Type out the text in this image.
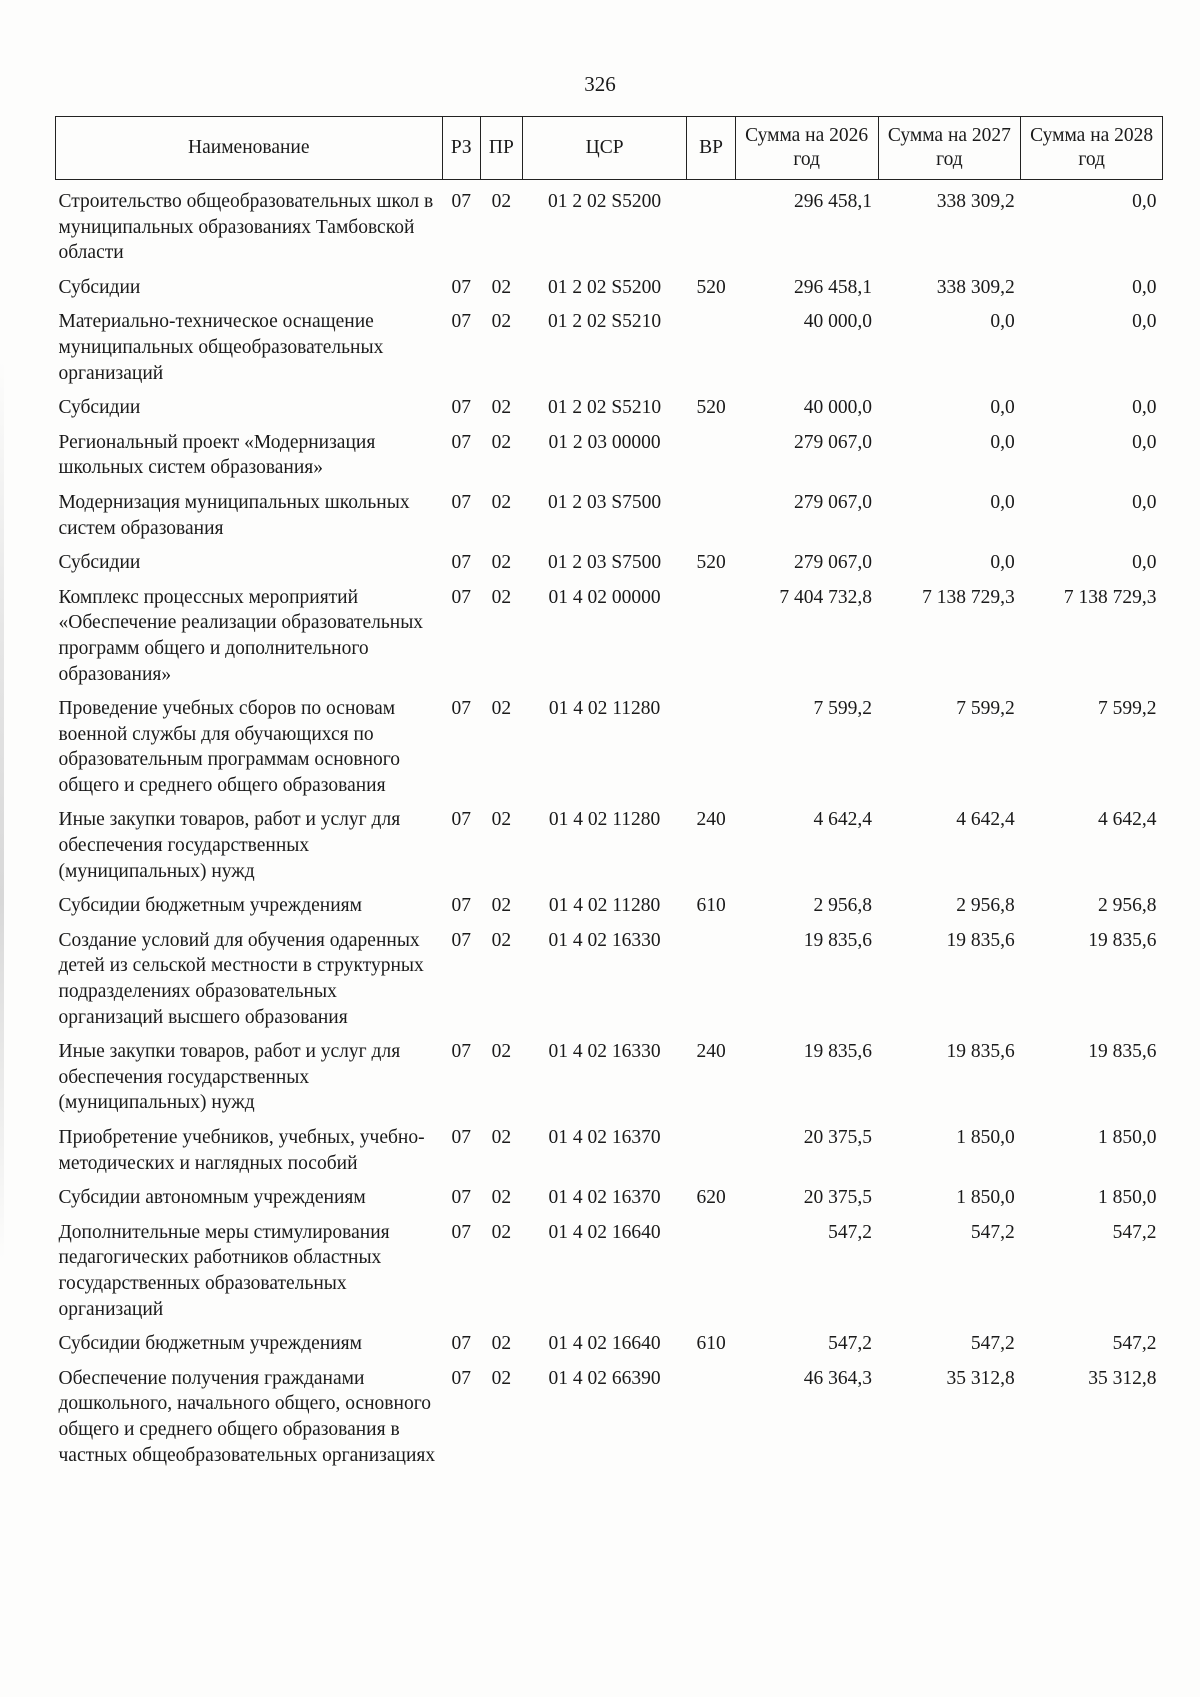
326
Наименование	РЗ	ПР	ЦСР	ВР	Сумма на 2026 год	Сумма на 2027 год	Сумма на 2028 год
Строительство общеобразовательных школ в муниципальных образованиях Тамбовской области	07	02	01 2 02 S5200		296 458,1	338 309,2	0,0
Субсидии	07	02	01 2 02 S5200	520	296 458,1	338 309,2	0,0
Материально-техническое оснащение муниципальных общеобразовательных организаций	07	02	01 2 02 S5210		40 000,0	0,0	0,0
Субсидии	07	02	01 2 02 S5210	520	40 000,0	0,0	0,0
Региональный проект «Модернизация школьных систем образования»	07	02	01 2 03 00000		279 067,0	0,0	0,0
Модернизация муниципальных школьных систем образования	07	02	01 2 03 S7500		279 067,0	0,0	0,0
Субсидии	07	02	01 2 03 S7500	520	279 067,0	0,0	0,0
Комплекс процессных мероприятий «Обеспечение реализации образовательных программ общего и дополнительного образования»	07	02	01 4 02 00000		7 404 732,8	7 138 729,3	7 138 729,3
Проведение учебных сборов по основам военной службы для обучающихся по образовательным программам основного общего и среднего общего образования	07	02	01 4 02 11280		7 599,2	7 599,2	7 599,2
Иные закупки товаров, работ и услуг для обеспечения государственных (муниципальных) нужд	07	02	01 4 02 11280	240	4 642,4	4 642,4	4 642,4
Субсидии бюджетным учреждениям	07	02	01 4 02 11280	610	2 956,8	2 956,8	2 956,8
Создание условий для обучения одаренных детей из сельской местности в структурных подразделениях образовательных организаций высшего образования	07	02	01 4 02 16330		19 835,6	19 835,6	19 835,6
Иные закупки товаров, работ и услуг для обеспечения государственных (муниципальных) нужд	07	02	01 4 02 16330	240	19 835,6	19 835,6	19 835,6
Приобретение учебников, учебных, учебно-методических и наглядных пособий	07	02	01 4 02 16370		20 375,5	1 850,0	1 850,0
Субсидии автономным учреждениям	07	02	01 4 02 16370	620	20 375,5	1 850,0	1 850,0
Дополнительные меры стимулирования педагогических работников областных государственных образовательных организаций	07	02	01 4 02 16640		547,2	547,2	547,2
Субсидии бюджетным учреждениям	07	02	01 4 02 16640	610	547,2	547,2	547,2
Обеспечение получения гражданами дошкольного, начального общего, основного общего и среднего общего образования в частных общеобразовательных организациях	07	02	01 4 02 66390		46 364,3	35 312,8	35 312,8
